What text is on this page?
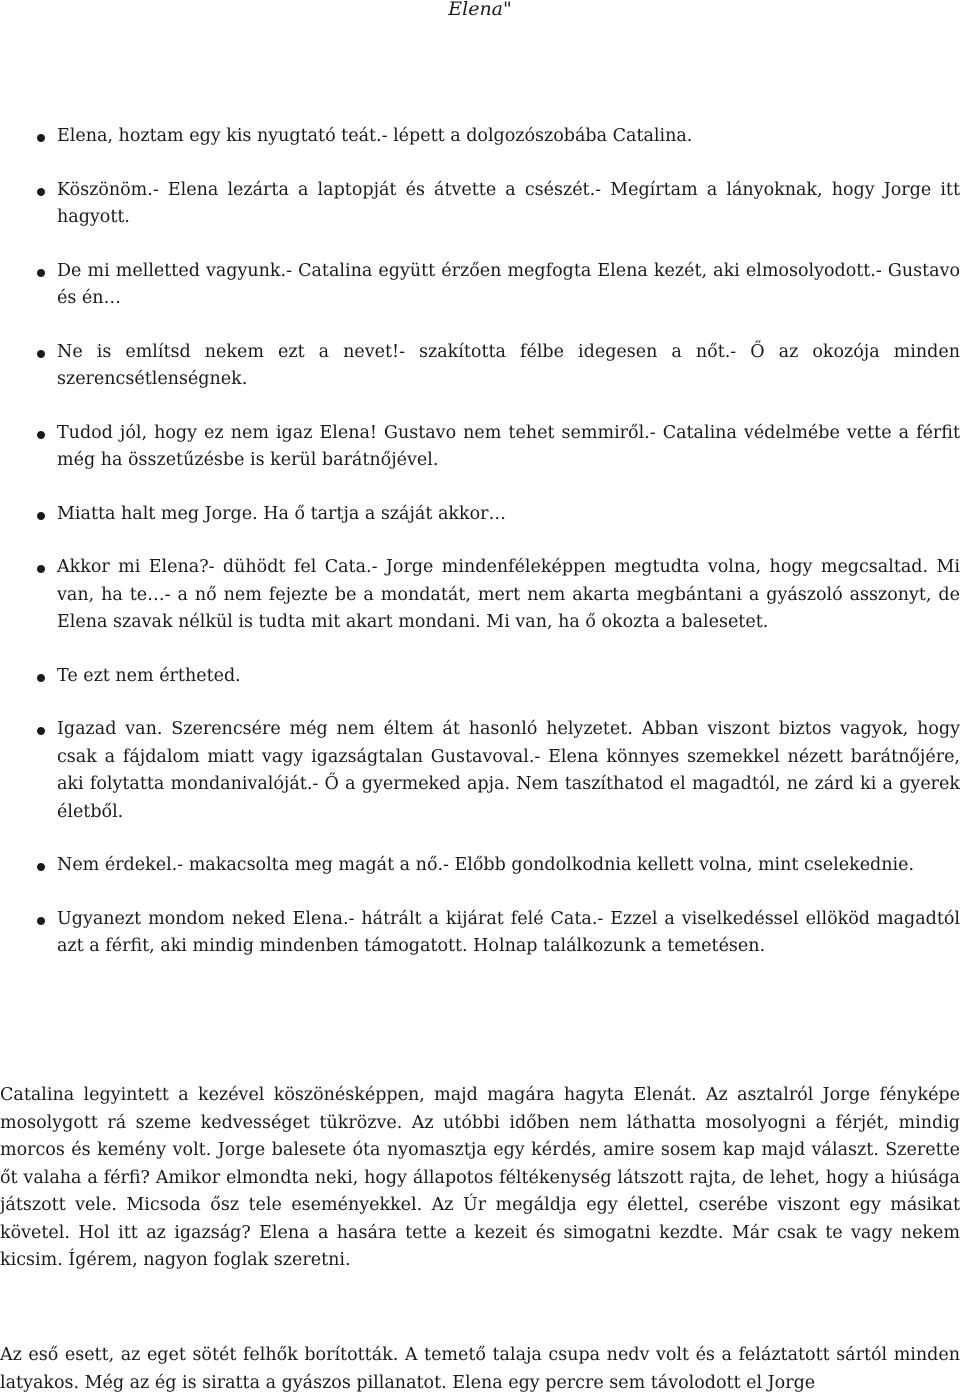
Elena"
Elena, hoztam egy kis nyugtató teát.- lépett a dolgozószobába Catalina.
Köszönöm.- Elena lezárta a laptopját és átvette a csészét.- Megírtam a lányoknak, hogy Jorge itt hagyott.
De mi melletted vagyunk.- Catalina együtt érzően megfogta Elena kezét, aki elmosolyodott.- Gustavo és én…
Ne is említsd nekem ezt a nevet!- szakította félbe idegesen a nőt.- Ő az okozója minden szerencsétlenségnek.
Tudod jól, hogy ez nem igaz Elena! Gustavo nem tehet semmiről.- Catalina védelmébe vette a férfit még ha összetűzésbe is kerül barátnőjével.
Miatta halt meg Jorge. Ha ő tartja a száját akkor…
Akkor mi Elena?- dühödt fel Cata.- Jorge mindenféleképpen megtudta volna, hogy megcsaltad. Mi van, ha te…- a nő nem fejezte be a mondatát, mert nem akarta megbántani a gyászoló asszonyt, de Elena szavak nélkül is tudta mit akart mondani. Mi van, ha ő okozta a balesetet.
Te ezt nem értheted.
Igazad van. Szerencsére még nem éltem át hasonló helyzetet. Abban viszont biztos vagyok, hogy csak a fájdalom miatt vagy igazságtalan Gustavoval.- Elena könnyes szemekkel nézett barátnőjére, aki folytatta mondanivalóját.- Ő a gyermeked apja. Nem taszíthatod el magadtól, ne zárd ki a gyerek életből.
Nem érdekel.- makacsolta meg magát a nő.- Előbb gondolkodnia kellett volna, mint cselekednie.
Ugyanezt mondom neked Elena.- hátrált a kijárat felé Cata.- Ezzel a viselkedéssel ellököd magadtól azt a férfit, aki mindig mindenben támogatott. Holnap találkozunk a temetésen.

Catalina legyintett a kezével köszönésképpen, majd magára hagyta Elenát. Az asztalról Jorge fényképe mosolygott rá szeme kedvességet tükrözve. Az utóbbi időben nem láthatta mosolyogni a férjét, mindig morcos és kemény volt. Jorge balesete óta nyomasztja egy kérdés, amire sosem kap majd választ. Szerette őt valaha a férfi? Amikor elmondta neki, hogy állapotos féltékenység látszott rajta, de lehet, hogy a hiúsága játszott vele. Micsoda ősz tele eseményekkel. Az Úr megáldja egy élettel, cserébe viszont egy másikat követel. Hol itt az igazság? Elena a hasára tette a kezeit és simogatni kezdte. Már csak te vagy nekem kicsim. Ígérem, nagyon foglak szeretni.

Az eső esett, az eget sötét felhők borították. A temető talaja csupa nedv volt és a feláztatott sártól minden latyakos. Még az ég is siratta a gyászos pillanatot. Elena egy percre sem távolodott el Jorge
